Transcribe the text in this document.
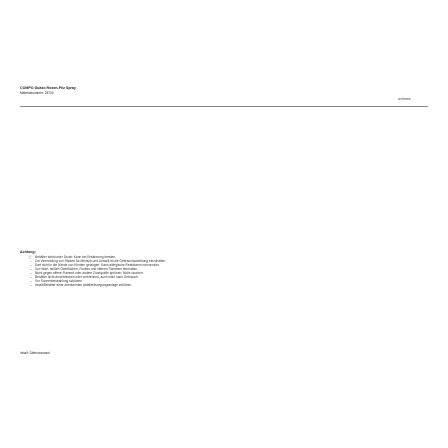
COMPO Duaxo Rosen-Pilz Spray
Materialnummer: 28700
unbrea
Achtung:
❗ Behälter steht unter Druck: Kann bei Erwärmung bersten.
– Zur Vermeidung von Risiken für Mensch und Umwelt ist die Gebrauchsanleitung einzuhalten.
– Darf nicht in die Hände von Kindern gelangen. Kann allergische Reaktionen hervorrufen.
– Vor Hitze, heißen Oberflächen, Funken und offenen Flammen fernhalten.
– Nicht gegen offene Flamme oder andere Zündquelle sprühen. Nicht rauchen.
– Behälter nicht durchstechen oder verbrennen, auch nicht nach Gebrauch.
– Vor Sonnenbestrahlung schützen.
– Inhalt/Behälter einer anerkannten Abfallentsorgungsanlage zuführen.
Inhalt: Difenoconazol
